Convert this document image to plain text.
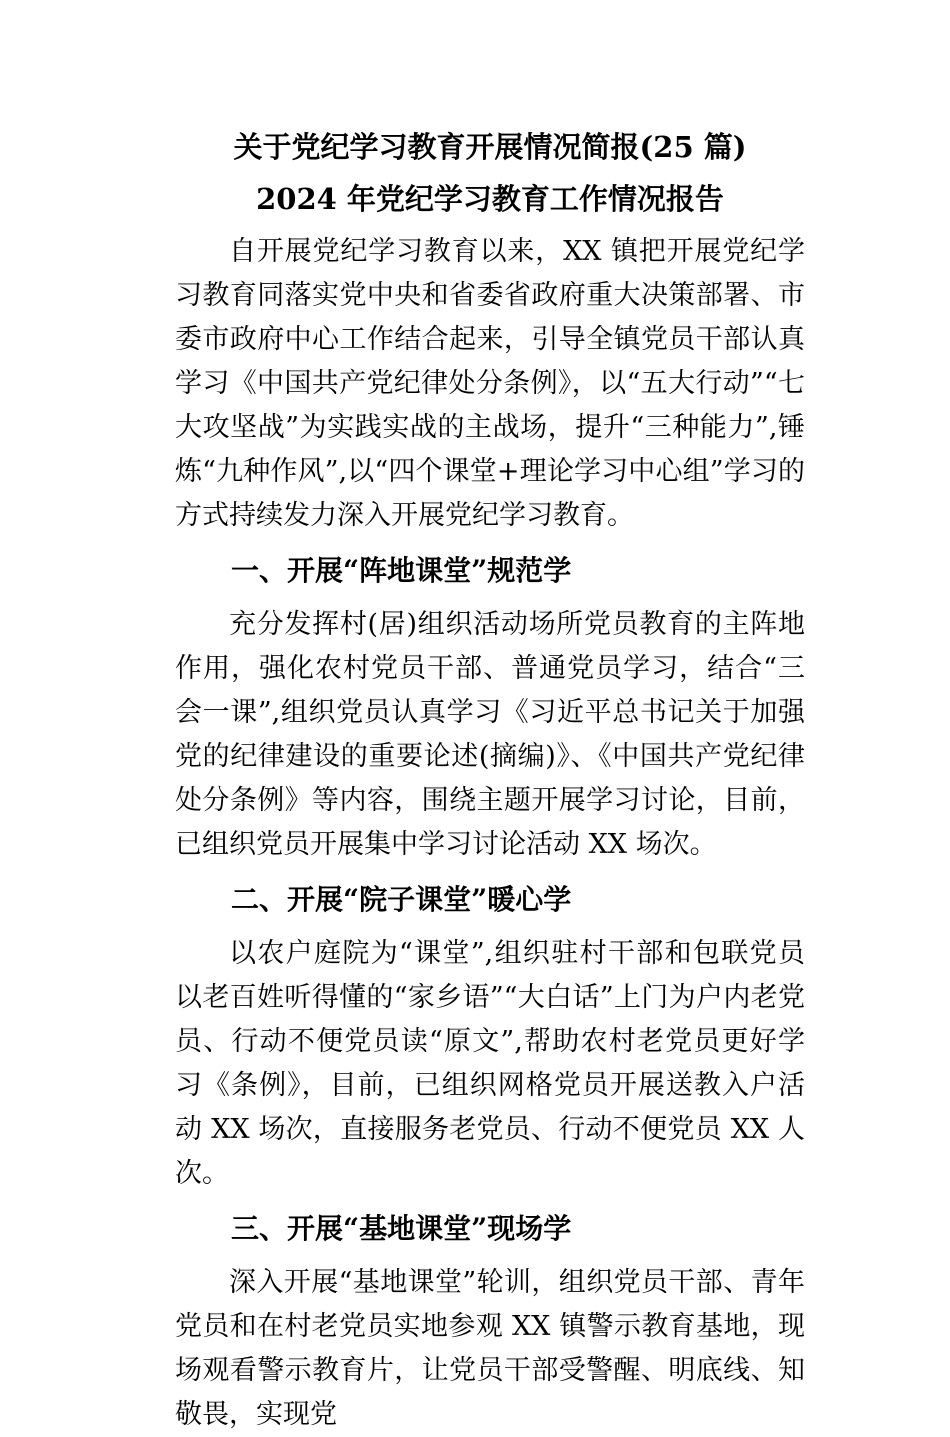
关于党纪学习教育开展情况简报(25 篇)
2024 年党纪学习教育工作情况报告

自开展党纪学习教育以来，XX 镇把开展党纪学习教育同落实党中央和省委省政府重大决策部署、市委市政府中心工作结合起来，引导全镇党员干部认真学习《中国共产党纪律处分条例》，以“五大行动”“七大攻坚战”为实践实战的主战场，提升“三种能力”,锤炼“九种作风”,以“四个课堂+理论学习中心组”学习的方式持续发力深入开展党纪学习教育。

一、开展“阵地课堂”规范学

充分发挥村(居)组织活动场所党员教育的主阵地作用，强化农村党员干部、普通党员学习，结合“三会一课”,组织党员认真学习《习近平总书记关于加强党的纪律建设的重要论述(摘编)》、《中国共产党纪律处分条例》等内容，围绕主题开展学习讨论，目前，已组织党员开展集中学习讨论活动 XX 场次。

二、开展“院子课堂”暖心学

以农户庭院为“课堂”,组织驻村干部和包联党员以老百姓听得懂的“家乡语”“大白话”上门为户内老党员、行动不便党员读“原文”,帮助农村老党员更好学习《条例》，目前，已组织网格党员开展送教入户活动 XX 场次，直接服务老党员、行动不便党员 XX 人次。

三、开展“基地课堂”现场学

深入开展“基地课堂”轮训，组织党员干部、青年党员和在村老党员实地参观 XX 镇警示教育基地，现场观看警示教育片，让党员干部受警醒、明底线、知敬畏，实现党
